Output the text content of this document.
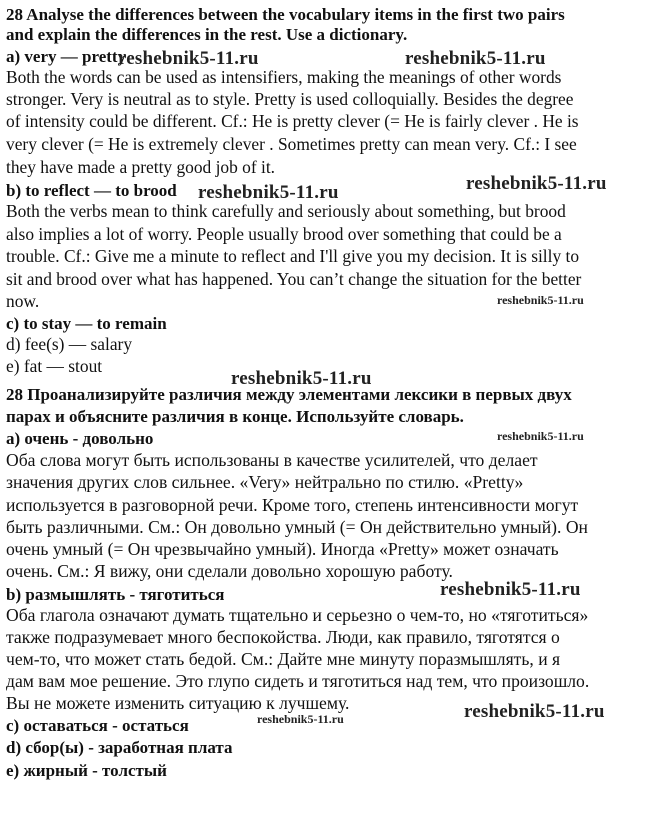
28 Analyse the differences between the vocabulary items in the first two pairs
and explain the differences in the rest. Use a dictionary.
a) very — pretty
Both the words can be used as intensifiers, making the meanings of other words
stronger. Very is neutral as to style. Pretty is used colloquially. Besides the degree
of intensity could be different. Cf.: He is pretty clever (= He is fairly clever . He is
very clever (= He is extremely clever . Sometimes pretty can mean very. Cf.: I see
they have made a pretty good job of it.
b) to reflect — to brood
Both the verbs mean to think carefully and seriously about something, but brood
also implies a lot of worry. People usually brood over something that could be a
trouble. Cf.: Give me a minute to reflect and I'll give you my decision. It is silly to
sit and brood over what has happened. You can’t change the situation for the better
now.
c) to stay — to remain
d) fee(s) — salary
e) fat — stout
28 Проанализируйте различия между элементами лексики в первых двух
парах и объясните различия в конце. Используйте словарь.
а) очень - довольно
Оба слова могут быть использованы в качестве усилителей, что делает
значения других слов сильнее. «Very» нейтрально по стилю. «Pretty»
используется в разговорной речи. Кроме того, степень интенсивности могут
быть различными. См.: Он довольно умный (= Он действительно умный). Он
очень умный (= Он чрезвычайно умный). Иногда «Pretty» может означать
очень. См.: Я вижу, они сделали довольно хорошую работу.
b) размышлять - тяготиться
Оба глагола означают думать тщательно и серьезно о чем-то, но «тяготиться»
также подразумевает много беспокойства. Люди, как правило, тяготятся о
чем-то, что может стать бедой. См.: Дайте мне минуту поразмышлять, и я
дам вам мое решение. Это глупо сидеть и тяготиться над тем, что произошло.
Вы не можете изменить ситуацию к лучшему.
c) оставаться - остаться
d) сбор(ы) - заработная плата
e) жирный - толстый
reshebnik5-11.ru	reshebnik5-11.ru
reshebnik5-11.ru	reshebnik5-11.ru
reshebnik5-11.ru
reshebnik5-11.ru
reshebnik5-11.ru
reshebnik5-11.ru
reshebnik5-11.ru
reshebnik5-11.ru
